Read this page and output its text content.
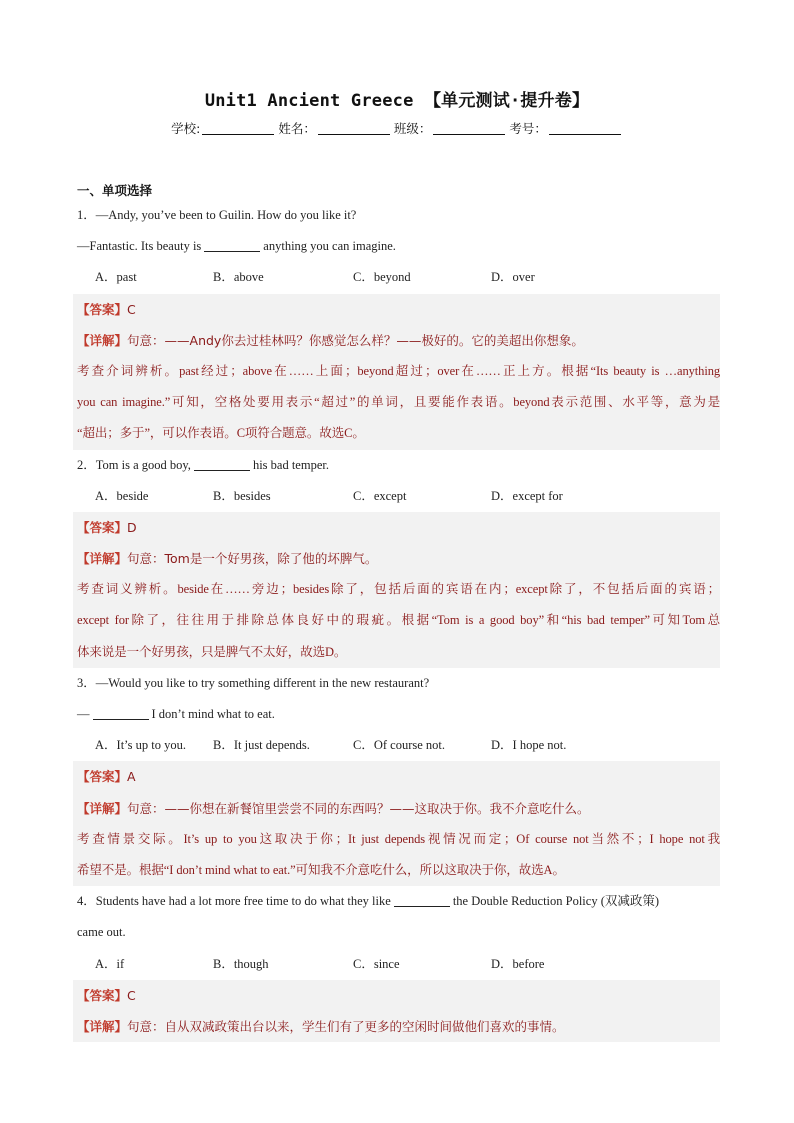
Unit1 Ancient Greece 【单元测试·提升卷】
学校:	姓名：	班级：	考号：
一、单项选择
1．—Andy, you’ve been to Guilin. How do you like it?
—Fantastic. Its beauty is	anything you can imagine.
A．past	B．above	C．beyond	D．over
【答案】C
【详解】句意：——Andy你去过桂林吗？你感觉怎么样？——极好的。它的美超出你想象。
考查介词辨析。past经过；above在……上面；beyond超过；over在……正上方。根据“Its beauty is …anything
you can imagine.”可知，空格处要用表示“超过”的单词，且要能作表语。beyond表示范围、水平等，意为是
“超出；多于”，可以作表语。C项符合题意。故选C。
2．Tom is a good boy,	his bad temper.
A．beside	B．besides	C．except	D．except for
【答案】D
【详解】句意：Tom是一个好男孩，除了他的坏脾气。
考查词义辨析。beside在……旁边；besides除了，包括后面的宾语在内；except除了，不包括后面的宾语；
except for除了，往往用于排除总体良好中的瑕疵。根据“Tom is a good boy”和“his bad temper”可知Tom总
体来说是一个好男孩，只是脾气不太好，故选D。
3．—Would you like to try something different in the new restaurant?
—	I don’t mind what to eat.
A．It’s up to you.	B．It just depends.	C．Of course not.	D．I hope not.
【答案】A
【详解】句意：——你想在新餐馆里尝尝不同的东西吗？——这取决于你。我不介意吃什么。
考查情景交际。It’s up to you这取决于你；It just depends视情况而定；Of course not当然不；I hope not我
希望不是。根据“I don’t mind what to eat.”可知我不介意吃什么，所以这取决于你，故选A。
4．Students have had a lot more free time to do what they like	the Double Reduction Policy (双减政策)
came out.
A．if	B．though	C．since	D．before
【答案】C
【详解】句意：自从双减政策出台以来，学生们有了更多的空闲时间做他们喜欢的事情。
